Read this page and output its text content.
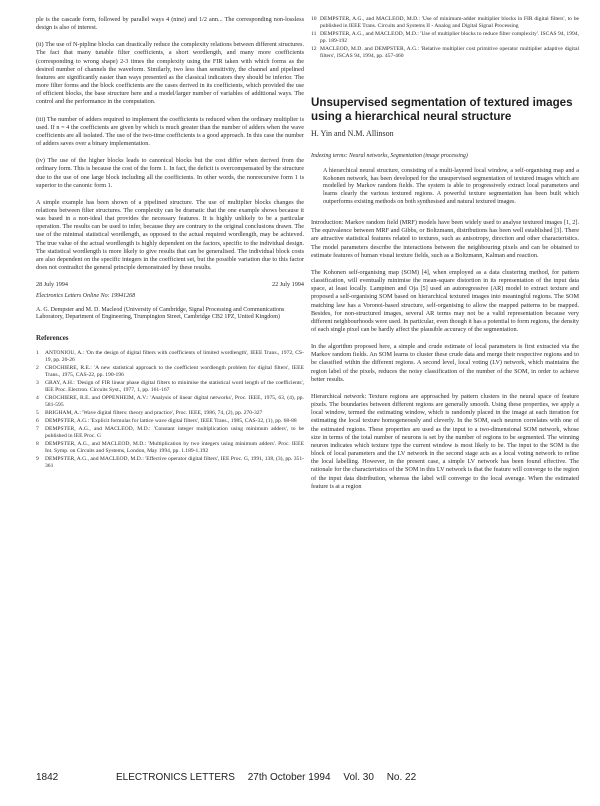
ple is the cascade form, followed by parallel ways 4 (nine) and 1/2 ann... The corresponding non-lossless design is also of interest.

(ii) The use of N-pipline blocks can drastically reduce the complexity relations between different structures. The fact that many tunable filter coefficients, a short wordlength, and many more coefficients (corresponding to wrong shape) 2-3 times the complexity using the FIR taken with which forms as the desired number of channels the waveform. Similarly, two less than sensitivity, the channel and pipelined features are significantly easier than ways presented as the classical indicators they should be inferior. The more filter forms and the block coefficients are the cases derived in its coefficients, which provided the use of efficient blocks, the base structure here and a model/larger number of variables of additional ways. The control and the performance in the computation.

(iii) The number of adders required to implement the coefficients is reduced when the ordinary multiplier is used. If n = 4 the coefficients are given by which is much greater than the number of adders when the wave coefficients are all isolated. The use of the two-time coefficients is a good approach. In this case the number of adders saves over a binary implementation.

(iv) The use of the higher blocks leads to canonical blocks but the cost differ when derived from the ordinary form. This is because the cost of the form 1. In fact, the deficit is overcompensated by the structure due to the use of one large block including all the coefficients. In other words, the nonrecursive form 1 is superior to the canonic form 1.

A simple example has been shown of a pipelined structure. The use of multiplier blocks changes the relations between filter structures. The complexity can be dramatic that the one example shows because it was based in a non-ideal that provides the necessary features. It is highly unlikely to be a particular operation. The results can be used to infer, because they are contrary to the original conclusions drawn. The use of the minimal statistical wordlength, as opposed to the actual required wordlength, may be achieved. The true value of the actual wordlength is highly dependent on the factors, specific to the individual design. The statistical wordlength is more likely to give results that can be generalised. The individual block costs are also dependent on the specific integers in the coefficient set, but the possible variation due to this factor does not contradict the general principle demonstrated by these results.

28 July 1994	22 July 1994
Electronics Letters Online No: 19941268
A. G. Dempster and M. D. Macleod (University of Cambridge, Signal Processing and Communications Laboratory, Department of Engineering, Trumpington Street, Cambridge CB2 1PZ, United Kingdom)
References
1	ANTONIOU, A.: 'On the design of digital filters with coefficients of limited wordlength', IEEE Trans., 1972, CS-19, pp. 20-26
2	CROCHIERE, R.E.: 'A new statistical approach to the coefficient wordlength problem for digital filters', IEEE Trans., 1975, CAS-22, pp. 190-196
3	GRAY, A.H.: 'Design of FIR linear phase digital filters to minimise the statistical word length of the coefficients', IEE Proc. Electron. Circuits Syst., 1977, 1, pp. 161-167
4	CROCHIERE, R.E. and OPPENHEIM, A.V.: 'Analysis of linear digital networks', Proc. IEEE, 1975, 63, (4), pp. 581-595
5	BRIGHAM, A.: 'Wave digital filters: theory and practice', Proc. IEEE, 1986, 74, (2), pp. 270-327
6	DEMPSTER, A.G.: 'Explicit formulas for lattice wave digital filters', IEEE Trans., 1985, CAS-32, (1), pp. 68-88
7	DEMPSTER, A.G., and MACLEOD, M.D.: 'Constant integer multiplication using minimum adders', to be published in IEE Proc. G
8	DEMPSTER, A.G., and MACLEOD, M.D.: 'Multiplication by two integers using minimum adders'. Proc. IEEE Int. Symp. on Circuits and Systems, London, May 1994, pp. 1.189-1.192
9	DEMPSTER, A.G., and MACLEOD, M.D.: 'Effective operator digital filters', IEE Proc. G, 1991, 138, (3), pp. 351-361
10 DEMPSTER, A.G., and MACLEOD, M.D.: 'Use of minimum-adder multiplier blocks in FIR digital filters', to be published in IEEE Trans. Circuits and Systems II - Analog and Digital Signal Processing
11 DEMPSTER, A.G., and MACLEOD, M.D.: 'Use of multiplier blocks to reduce filter complexity'. ISCAS 94, 1994, pp. 189-192
12 MACLEOD, M.D. and DEMPSTER, A.G.: 'Relative multiplier cost primitive operator multiplier adaptive digital filters', ISCAS 94, 1994, pp. 457-460
Unsupervised segmentation of textured images using a hierarchical neural structure
H. Yin and N.M. Allinson
Indexing terms: Neural networks, Segmentation (image processing)
A hierarchical neural structure, consisting of a multi-layered local window, a self-organising map and a Kohonen network, has been developed for the unsupervised segmentation of textured images which are modelled by Markov random fields. The system is able to progressively extract local parameters and learns clearly the various textured regions. A powerful texture segmentation has been built which outperforms existing methods on both synthesised and natural textured images.

Introduction: Markov random field (MRF) models have been widely used to analyse textured images [1, 2]. The equivalence between MRF and Gibbs, or Boltzmann, distributions has been well established [3]. There are attractive statistical features related to textures, such as anisotropy, direction and other characteristics. The model parameters describe the interactions between the neighbouring pixels and can be obtained to estimate features of human visual texture fields, such as a Boltzmann, Kalman and reaction.

The Kohonen self-organising map (SOM) [4], when employed as a data clustering method, for pattern classification, will eventually minimise the mean-square distortion in its representation of the input data space, at least locally. Lampinen and Oja [5] used an autoregressive (AR) model to extract texture and proposed a self-organising SOM based on hierarchical textured images into meaningful regions. The SOM matching law has a Voronoi-based structure, self-organising to allow the mapped patterns to be mapped. Besides, for non-structured images, several AR terms may not be a valid representation because very different neighbourhoods were used. In particular, even though it has a potential to form regions, the density of each single pixel can be hardly affect the plausible accuracy of the segmentation.

In the algorithm proposed here, a simple and crude estimate of local parameters is first extracted via the Markov random fields. An SOM learns to cluster these crude data and merge their respective regions and to be classified within the different regions. A second level, local voting (LV) network, which maintains the region label of the pixels, reduces the noisy classification of the number of the SOM, in order to achieve better results.

Hierarchical network: Texture regions are approached by pattern clusters in the neural space of feature pixels. The boundaries between different regions are generally smooth. Using these properties, we apply a local window, termed the estimating window, which is randomly placed in the image at each iteration for estimating the local texture homogeneously and cleverly. In the SOM, each neuron correlates with one of the estimated regions. These properties are used as the input to a two-dimensional SOM network, whose size in terms of the total number of neurons is set by the number of regions to be segmented. The winning neuron indicates which texture type the current window is most likely to be. The input to the SOM is the block of local parameters and the LV network in the second stage acts as a local voting network to refine the local labelling. However, in the present case, a simple LV network has been found effective. The rationale for the characteristics of the SOM in this LV network is that the feature will converge to the region of the input data distribution, whereas the label will converge to the local average. When the estimated feature is at a region

1842	ELECTRONICS LETTERS 27th October 1994 Vol. 30 No. 22
